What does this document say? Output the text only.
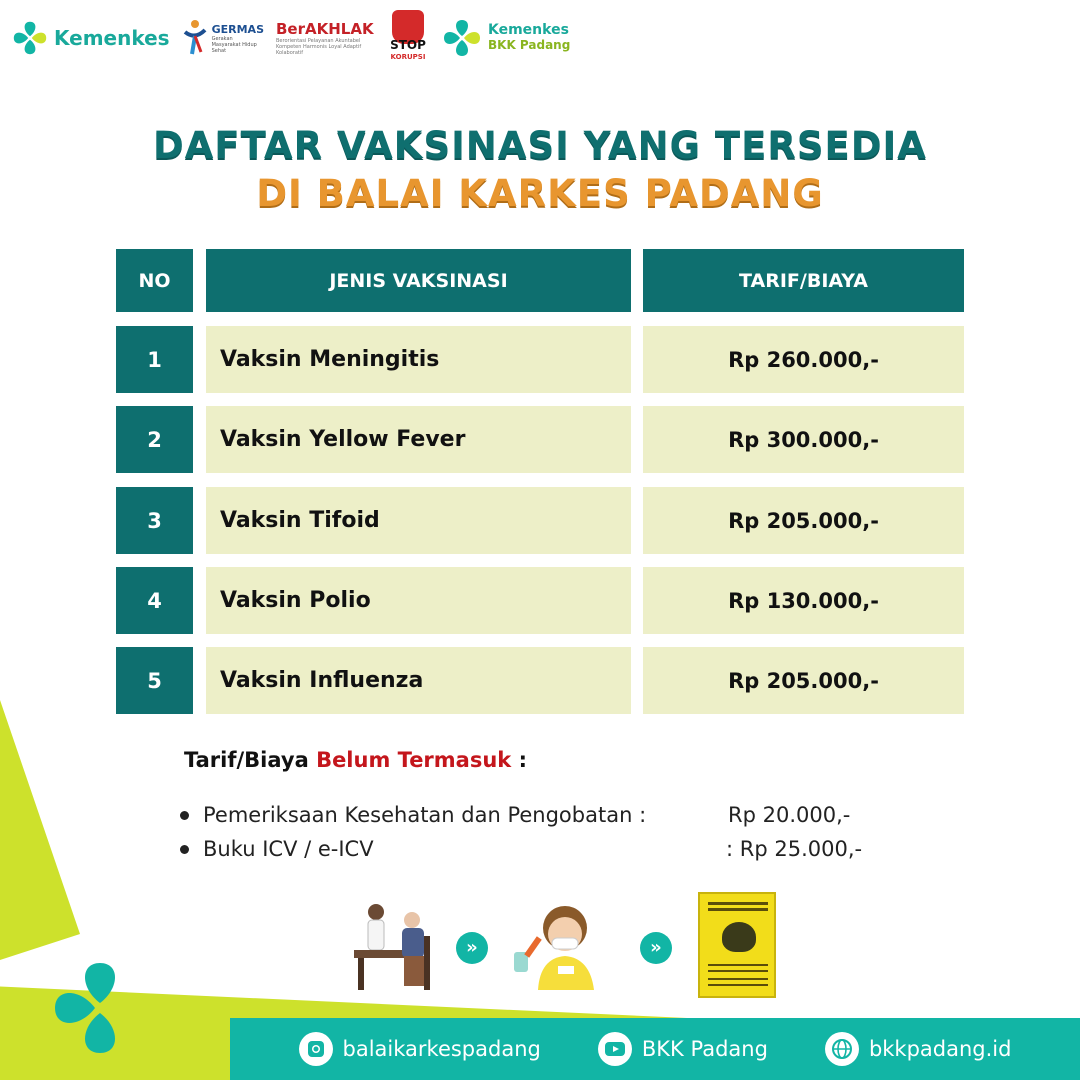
balaikarkespadang	BKK Padang	bkkpadang.id
Kemenkes	GERMAS
Gerakan Masyarakat Hidup Sehat
BerAKHLAK
Berorientasi Pelayanan Akuntabel Kompeten Harmonis Loyal Adaptif Kolaboratif
STOP
KORUPSI
Kemenkes
BKK Padang
DAFTAR VAKSINASI YANG TERSEDIA
DI BALAI KARKES PADANG
NO	JENIS VAKSINASI	TARIF/BIAYA
1	Vaksin Meningitis	Rp 260.000,-
2	Vaksin Yellow Fever	Rp 300.000,-
3	Vaksin Tifoid	Rp 205.000,-
4	Vaksin Polio	Rp 130.000,-
5	Vaksin Influenza	Rp 205.000,-
Tarif/Biaya Belum Termasuk :
Pemeriksaan Kesehatan dan Pengobatan :	Rp 20.000,-
Buku ICV / e-ICV	: Rp 25.000,-
»	»
